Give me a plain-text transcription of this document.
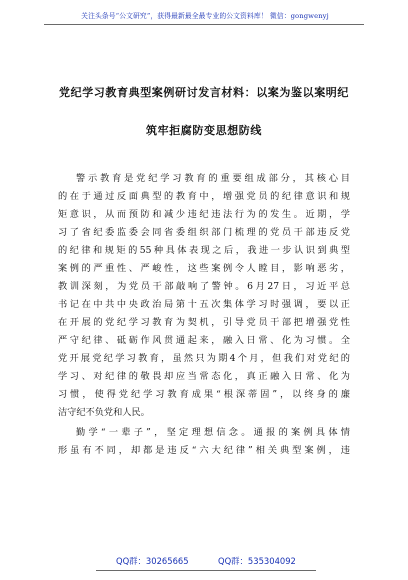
关注头条号“公文研究”，获得最新最全最专业的公文资料库！ 微信：gongwenyj
党纪学习教育典型案例研讨发言材料：以案为鉴以案明纪
筑牢拒腐防变思想防线
警示教育是党纪学习教育的重要组成部分，其核心目
的在于通过反面典型的教育中，增强党员的纪律意识和规
矩意识，从而预防和减少违纪违法行为的发生。近期，学
习了省纪委监委会同省委组织部门梳理的党员干部违反党
的纪律和规矩的55种具体表现之后，我进一步认识到典型
案例的严重性、严峻性，这些案例令人瞠目，影响恶劣，
教训深刻，为党员干部敲响了警钟。6月27日，习近平总
书记在中共中央政治局第十五次集体学习时强调，要以正
在开展的党纪学习教育为契机，引导党员干部把增强党性
严守纪律、砥砺作风贯通起来，融入日常、化为习惯。全
党开展党纪学习教育，虽然只为期4个月，但我们对党纪的
学习、对纪律的敬畏却应当常态化，真正融入日常、化为
习惯，使得党纪学习教育成果“根深蒂固”，以终身的廉
洁守纪不负党和人民。
勤学“一辈子”，坚定理想信念。通报的案例具体情
形虽有不同，却都是违反“六大纪律”相关典型案例，违
QQ群：30265665	QQ群：535304092
